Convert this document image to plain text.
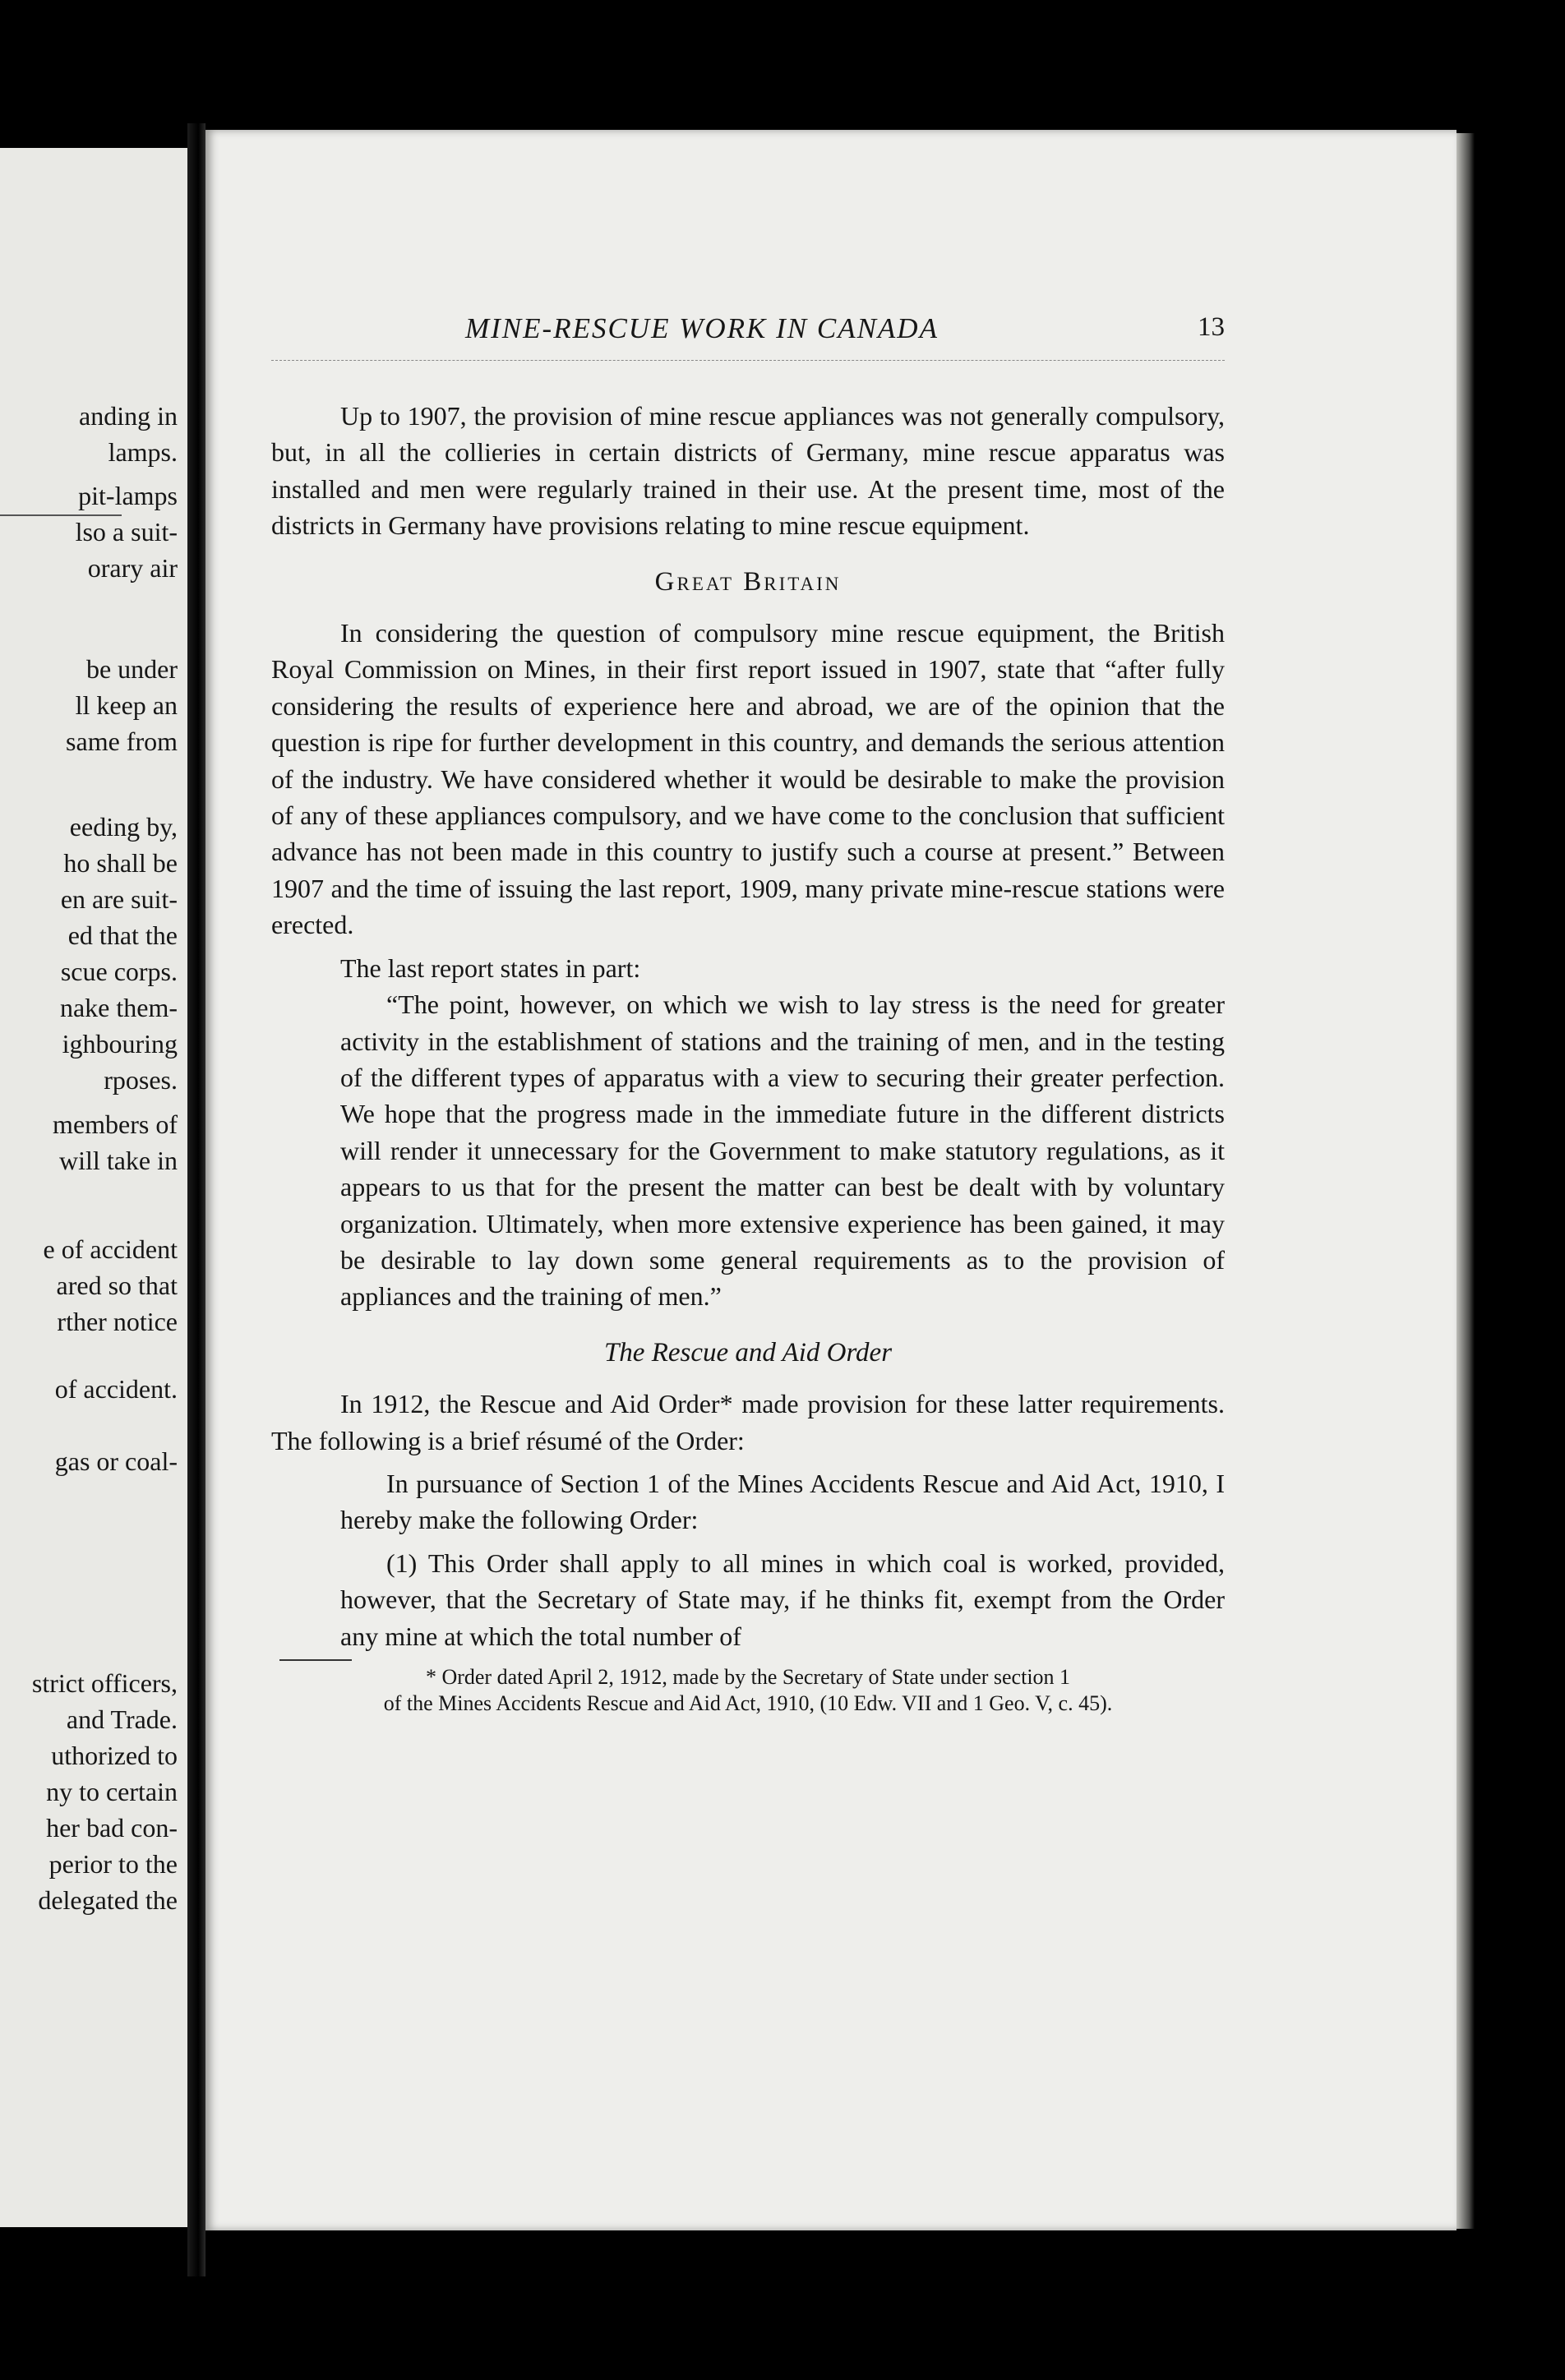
anding in
lamps.
pit-lamps
lso a suit-
orary air
be under
ll keep an
same from
eeding by,
ho shall be
en are suit-
ed that the
scue corps.
nake them-
ighbouring
rposes.
members of
will take in
e of accident
ared so that
rther notice
of accident.
gas or coal-
strict officers,
and Trade.
uthorized to
ny to certain
her bad con-
perior to the
delegated the
MINE-RESCUE WORK IN CANADA	13

Up to 1907, the provision of mine rescue appliances was not generally compulsory, but, in all the collieries in certain districts of Germany, mine rescue apparatus was installed and men were regularly trained in their use. At the present time, most of the districts in Germany have provisions relating to mine rescue equipment.

Great Britain

In considering the question of compulsory mine rescue equipment, the British Royal Commission on Mines, in their first report issued in 1907, state that “after fully considering the results of experience here and abroad, we are of the opinion that the question is ripe for further development in this country, and demands the serious attention of the industry. We have considered whether it would be desirable to make the provision of any of these appliances compulsory, and we have come to the conclusion that sufficient advance has not been made in this country to justify such a course at present.” Between 1907 and the time of issuing the last report, 1909, many private mine-rescue stations were erected.

The last report states in part:

“The point, however, on which we wish to lay stress is the need for greater activity in the establishment of stations and the training of men, and in the testing of the different types of apparatus with a view to securing their greater perfection. We hope that the progress made in the immediate future in the different districts will render it unnecessary for the Government to make statutory regulations, as it appears to us that for the present the matter can best be dealt with by voluntary organization. Ultimately, when more extensive experience has been gained, it may be desirable to lay down some general requirements as to the provision of appliances and the training of men.”

The Rescue and Aid Order

In 1912, the Rescue and Aid Order* made provision for these latter requirements. The following is a brief résumé of the Order:

In pursuance of Section 1 of the Mines Accidents Rescue and Aid Act, 1910, I hereby make the following Order:

(1) This Order shall apply to all mines in which coal is worked, provided, however, that the Secretary of State may, if he thinks fit, exempt from the Order any mine at which the total number of

* Order dated April 2, 1912, made by the Secretary of State under section 1
of the Mines Accidents Rescue and Aid Act, 1910, (10 Edw. VII and 1 Geo. V, c. 45).
